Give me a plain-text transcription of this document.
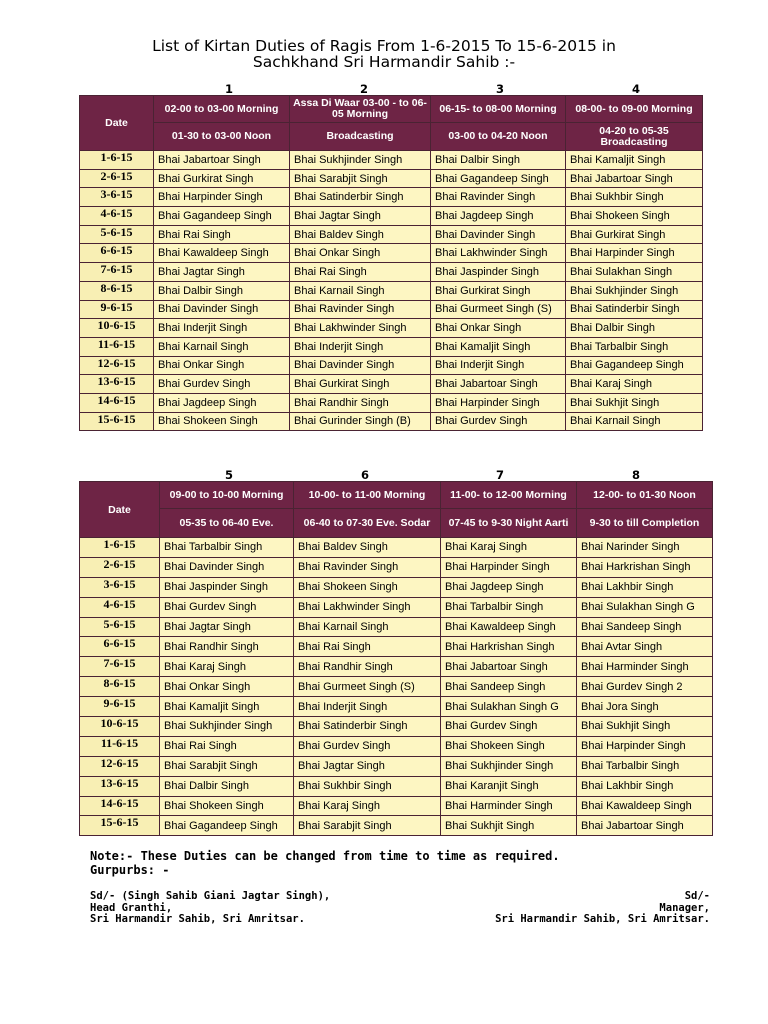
List of Kirtan Duties of Ragis From 1-6-2015 To 15-6-2015 in
Sachkhand Sri Harmandir Sahib :-
1	2	3	4
Date	02-00 to 03-00 Morning	Assa Di Waar 03-00 - to 06-05 Morning	06-15- to 08-00 Morning	08-00- to 09-00 Morning
	01-30 to 03-00 Noon	Broadcasting	03-00 to 04-20 Noon	04-20 to 05-35 Broadcasting
1-6-15	Bhai Jabartoar Singh	Bhai Sukhjinder Singh	Bhai Dalbir Singh	Bhai Kamaljit Singh
2-6-15	Bhai Gurkirat Singh	Bhai Sarabjit Singh	Bhai Gagandeep Singh	Bhai Jabartoar Singh
3-6-15	Bhai Harpinder Singh	Bhai Satinderbir Singh	Bhai Ravinder Singh	Bhai Sukhbir Singh
4-6-15	Bhai Gagandeep Singh	Bhai Jagtar Singh	Bhai Jagdeep Singh	Bhai Shokeen Singh
5-6-15	Bhai Rai Singh	Bhai Baldev Singh	Bhai Davinder Singh	Bhai Gurkirat Singh
6-6-15	Bhai Kawaldeep Singh	Bhai Onkar Singh	Bhai Lakhwinder Singh	Bhai Harpinder Singh
7-6-15	Bhai Jagtar Singh	Bhai Rai Singh	Bhai Jaspinder Singh	Bhai Sulakhan Singh
8-6-15	Bhai Dalbir Singh	Bhai Karnail Singh	Bhai Gurkirat Singh	Bhai Sukhjinder Singh
9-6-15	Bhai Davinder Singh	Bhai Ravinder Singh	Bhai Gurmeet Singh (S)	Bhai Satinderbir Singh
10-6-15	Bhai Inderjit Singh	Bhai Lakhwinder Singh	Bhai Onkar Singh	Bhai Dalbir Singh
11-6-15	Bhai Karnail Singh	Bhai Inderjit Singh	Bhai Kamaljit Singh	Bhai Tarbalbir Singh
12-6-15	Bhai Onkar Singh	Bhai Davinder Singh	Bhai Inderjit Singh	Bhai Gagandeep Singh
13-6-15	Bhai Gurdev Singh	Bhai Gurkirat Singh	Bhai Jabartoar Singh	Bhai Karaj Singh
14-6-15	Bhai Jagdeep Singh	Bhai Randhir Singh	Bhai Harpinder Singh	Bhai Sukhjit Singh
15-6-15	Bhai Shokeen Singh	Bhai Gurinder Singh (B)	Bhai Gurdev Singh	Bhai Karnail Singh
5	6	7	8
Date	09-00 to 10-00 Morning	10-00- to 11-00 Morning	11-00- to 12-00 Morning	12-00- to 01-30 Noon
	05-35 to 06-40 Eve.	06-40 to 07-30 Eve. Sodar	07-45 to 9-30 Night Aarti	9-30 to till Completion
1-6-15	Bhai Tarbalbir Singh	Bhai Baldev Singh	Bhai Karaj Singh	Bhai Narinder Singh
2-6-15	Bhai Davinder Singh	Bhai Ravinder Singh	Bhai Harpinder Singh	Bhai Harkrishan Singh
3-6-15	Bhai Jaspinder Singh	Bhai Shokeen Singh	Bhai Jagdeep Singh	Bhai Lakhbir Singh
4-6-15	Bhai Gurdev Singh	Bhai Lakhwinder Singh	Bhai Tarbalbir Singh	Bhai Sulakhan Singh G
5-6-15	Bhai Jagtar Singh	Bhai Karnail Singh	Bhai Kawaldeep Singh	Bhai Sandeep Singh
6-6-15	Bhai Randhir Singh	Bhai Rai Singh	Bhai Harkrishan Singh	Bhai Avtar Singh
7-6-15	Bhai Karaj Singh	Bhai Randhir Singh	Bhai Jabartoar Singh	Bhai Harminder Singh
8-6-15	Bhai Onkar Singh	Bhai Gurmeet Singh (S)	Bhai Sandeep Singh	Bhai Gurdev Singh 2
9-6-15	Bhai Kamaljit Singh	Bhai Inderjit Singh	Bhai Sulakhan Singh G	Bhai Jora Singh
10-6-15	Bhai Sukhjinder Singh	Bhai Satinderbir Singh	Bhai Gurdev Singh	Bhai Sukhjit Singh
11-6-15	Bhai Rai Singh	Bhai Gurdev Singh	Bhai Shokeen Singh	Bhai Harpinder Singh
12-6-15	Bhai Sarabjit Singh	Bhai Jagtar Singh	Bhai Sukhjinder Singh	Bhai Tarbalbir Singh
13-6-15	Bhai Dalbir Singh	Bhai Sukhbir Singh	Bhai Karanjit Singh	Bhai Lakhbir Singh
14-6-15	Bhai Shokeen Singh	Bhai Karaj Singh	Bhai Harminder Singh	Bhai Kawaldeep Singh
15-6-15	Bhai Gagandeep Singh	Bhai Sarabjit Singh	Bhai Sukhjit Singh	Bhai Jabartoar Singh
Note:- These Duties can be changed from time to time as required.
Gurpurbs: -
Sd/- (Singh Sahib Giani Jagtar Singh),
Head Granthi,
Sri Harmandir Sahib, Sri Amritsar.
Sd/-
Manager,
Sri Harmandir Sahib, Sri Amritsar.
